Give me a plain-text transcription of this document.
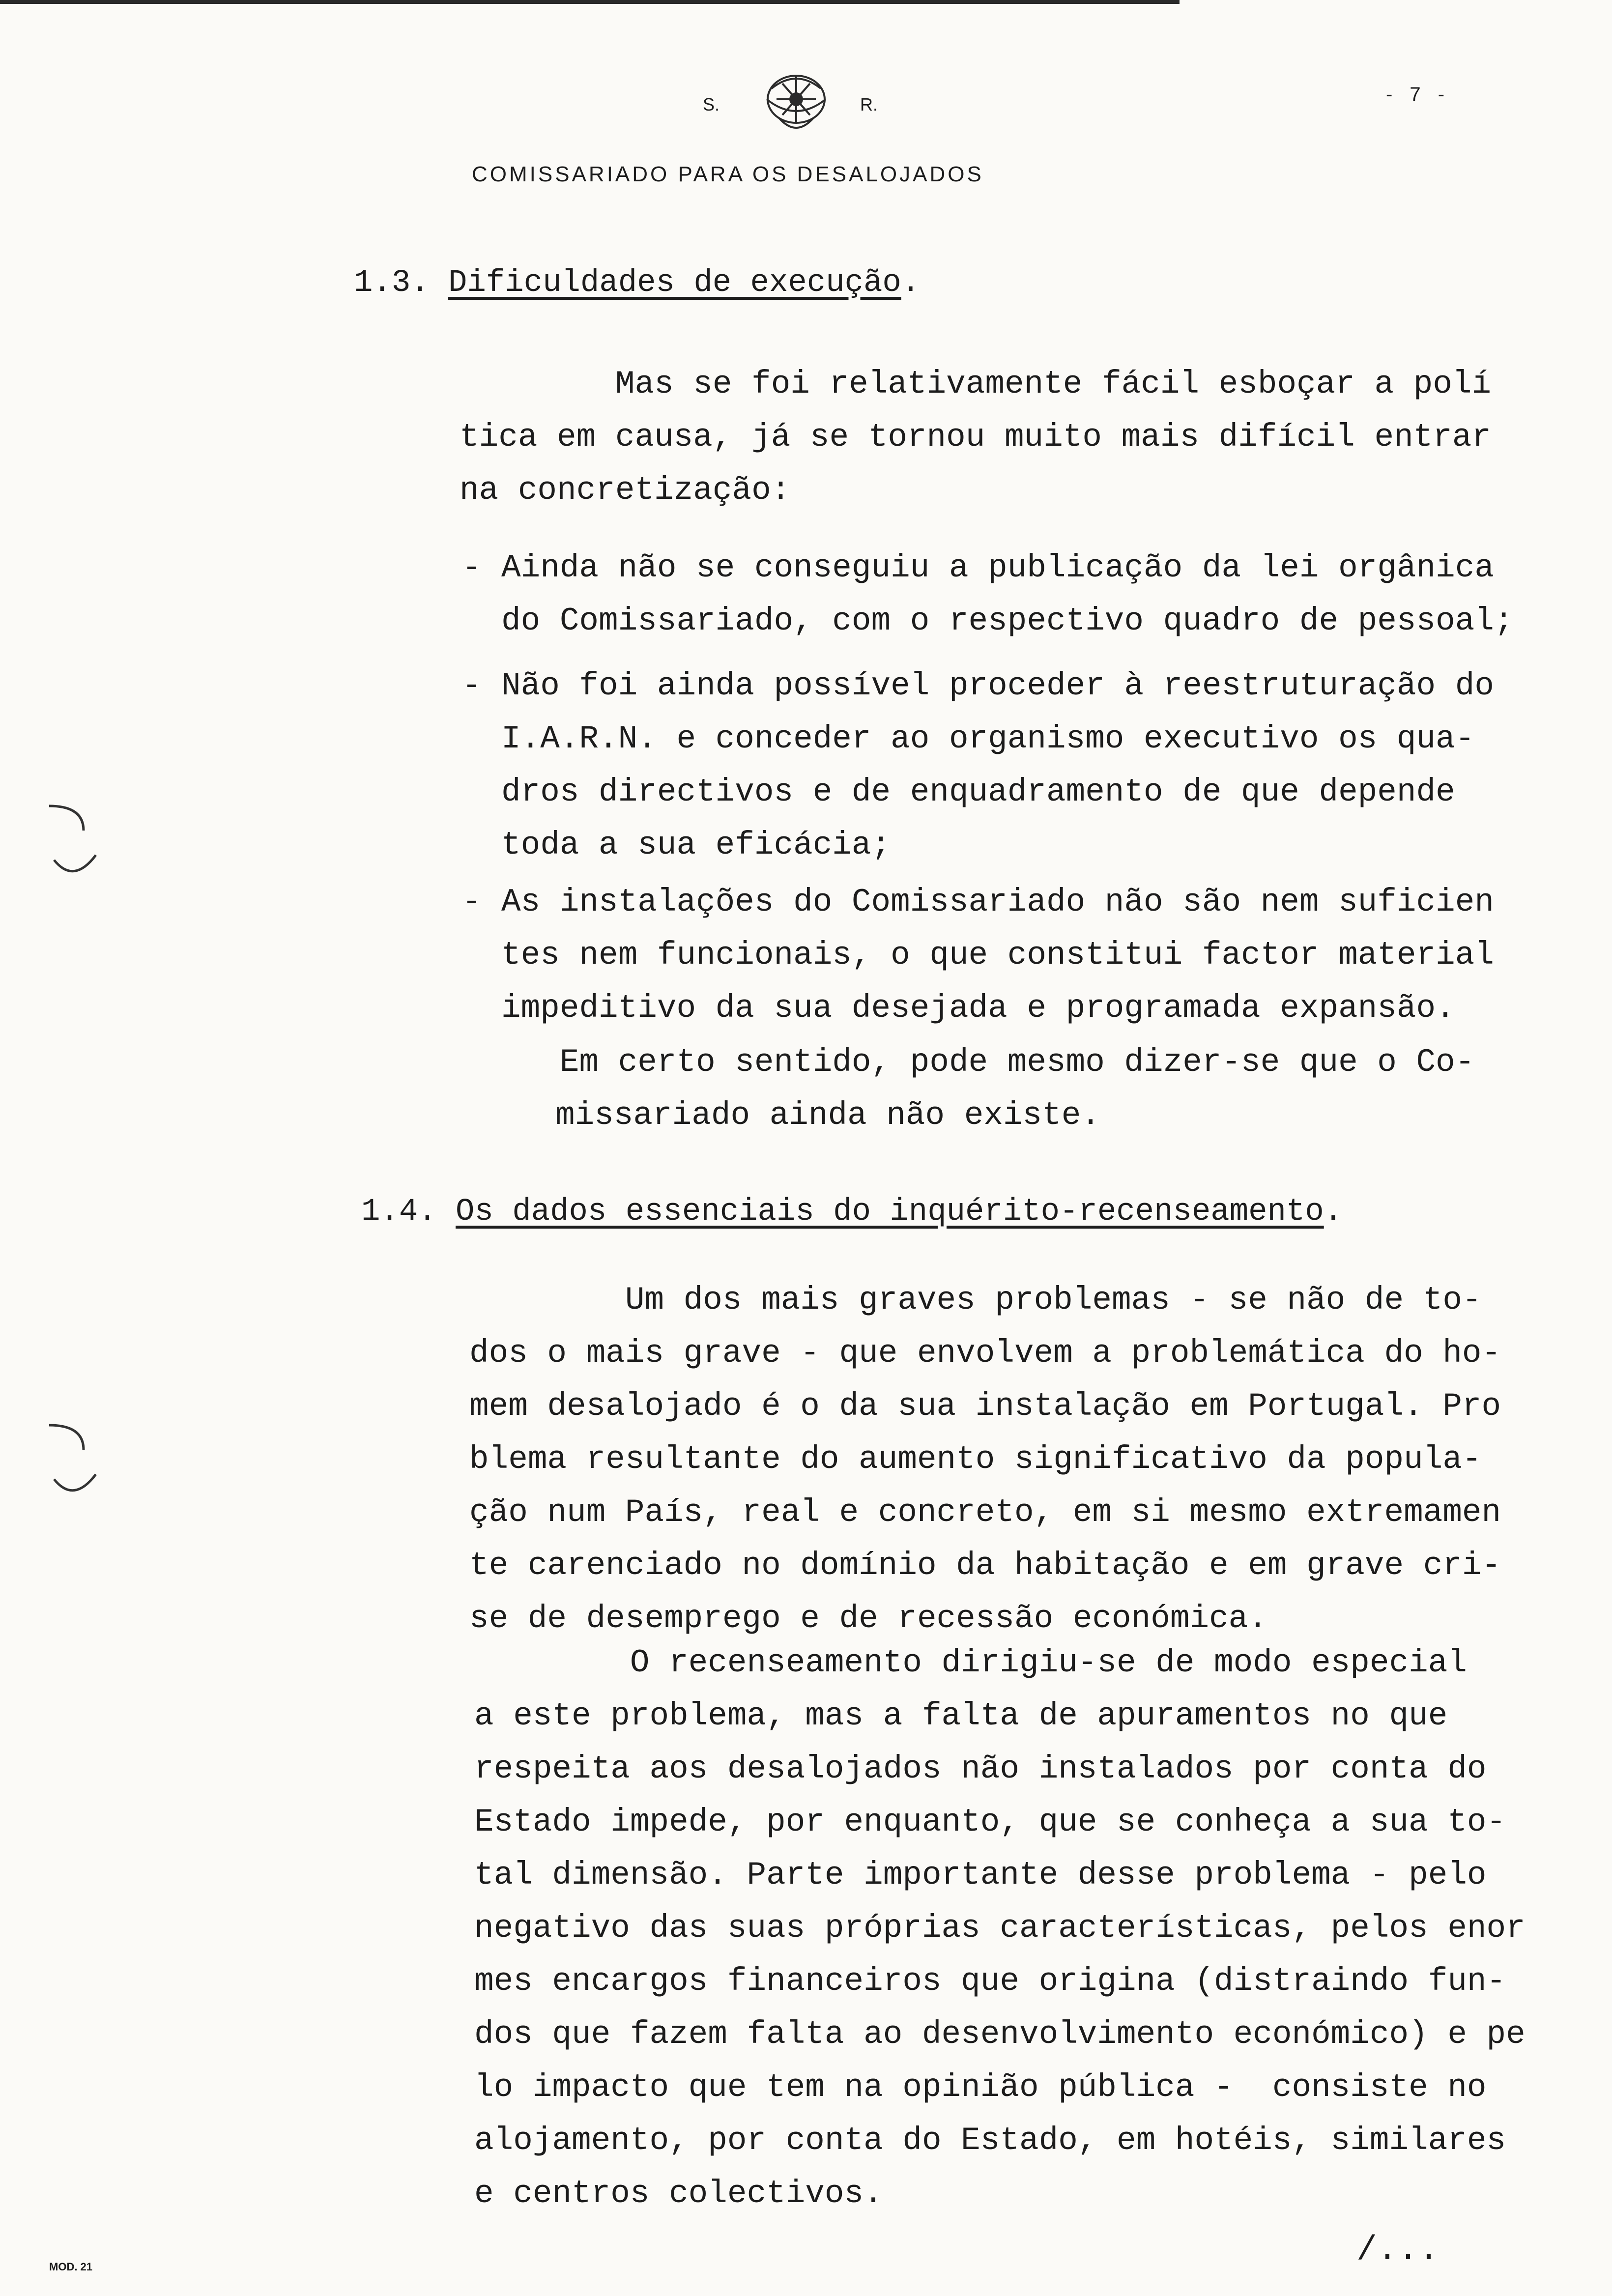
S.	R.	- 7 -
COMISSARIADO PARA OS DESALOJADOS
1.3. Dificuldades de execução.
Mas se foi relativamente fácil esboçar a polí
tica em causa, já se tornou muito mais difícil entrar
na concretização:

-

Ainda não se conseguiu a publicação da lei orgânica
do Comissariado, com o respectivo quadro de pessoal;

-

Não foi ainda possível proceder à reestruturação do
I.A.R.N. e conceder ao organismo executivo os qua-
dros directivos e de enquadramento de que depende
toda a sua eficácia;

-

As instalações do Comissariado não são nem suficien
tes nem funcionais, o que constitui factor material
impeditivo da sua desejada e programada expansão.

Em certo sentido, pode mesmo dizer-se que o Co-
missariado ainda não existe.
1.4. Os dados essenciais do inquérito-recenseamento.
Um dos mais graves problemas - se não de to-
dos o mais grave - que envolvem a problemática do ho-
mem desalojado é o da sua instalação em Portugal. Pro
blema resultante do aumento significativo da popula-
ção num País, real e concreto, em si mesmo extremamen
te carenciado no domínio da habitação e em grave cri-
se de desemprego e de recessão económica.
O recenseamento dirigiu-se de modo especial
a este problema, mas a falta de apuramentos no que
respeita aos desalojados não instalados por conta do
Estado impede, por enquanto, que se conheça a sua to-
tal dimensão. Parte importante desse problema - pelo
negativo das suas próprias características, pelos enor
mes encargos financeiros que origina (distraindo fun-
dos que fazem falta ao desenvolvimento económico) e pe
lo impacto que tem na opinião pública -  consiste no
alojamento, por conta do Estado, em hotéis, similares
e centros colectivos.
/...
MOD. 21
